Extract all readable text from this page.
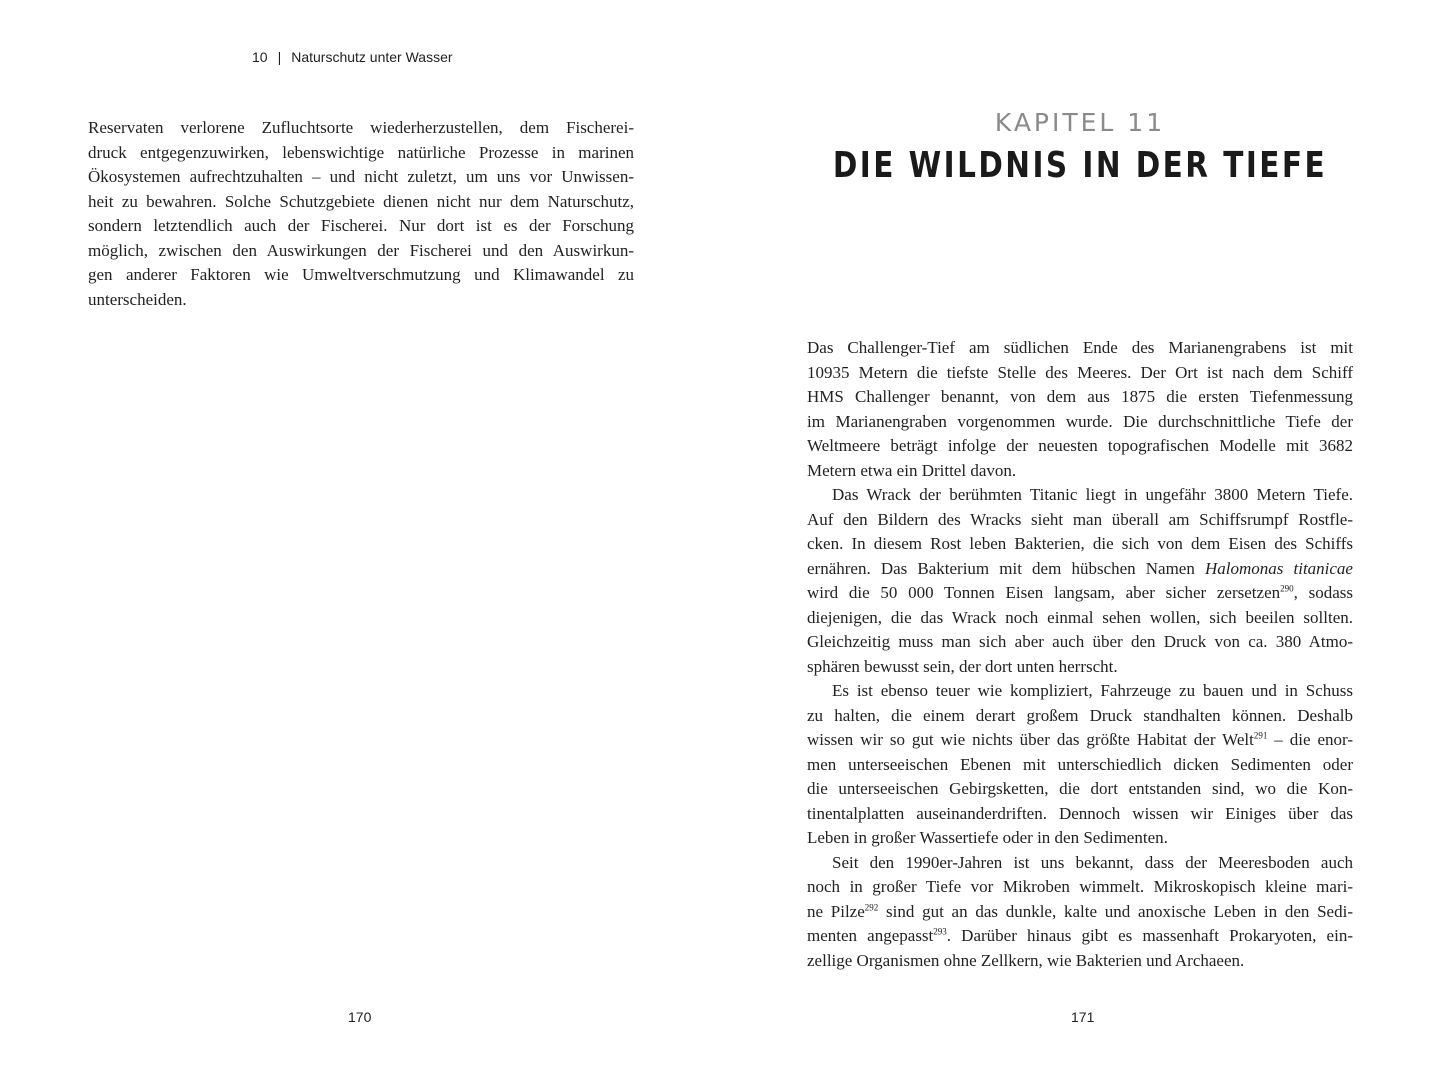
10 | Naturschutz unter Wasser

Reservaten verlorene Zufluchtsorte wiederherzustellen, dem Fischerei-

druck entgegenzuwirken, lebenswichtige natürliche Prozesse in marinen

Ökosystemen aufrechtzuhalten – und nicht zuletzt, um uns vor Unwissen-

heit zu bewahren. Solche Schutzgebiete dienen nicht nur dem Naturschutz,

sondern letztendlich auch der Fischerei. Nur dort ist es der Forschung

möglich, zwischen den Auswirkungen der Fischerei und den Auswirkun-

gen anderer Faktoren wie Umweltverschmutzung und Klimawandel zu

unterscheiden.

170
KAPITEL 11
DIE WILDNIS IN DER TIEFE

Das Challenger-Tief am südlichen Ende des Marianengrabens ist mit

10935 Metern die tiefste Stelle des Meeres. Der Ort ist nach dem Schiff

HMS Challenger benannt, von dem aus 1875 die ersten Tiefenmessung

im Marianengraben vorgenommen wurde. Die durchschnittliche Tiefe der

Weltmeere beträgt infolge der neuesten topografischen Modelle mit 3682

Metern etwa ein Drittel davon.

Das Wrack der berühmten Titanic liegt in ungefähr 3800 Metern Tiefe.

Auf den Bildern des Wracks sieht man überall am Schiffsrumpf Rostfle-

cken. In diesem Rost leben Bakterien, die sich von dem Eisen des Schiffs

ernähren. Das Bakterium mit dem hübschen Namen Halomonas titanicae

wird die 50 000 Tonnen Eisen langsam, aber sicher zersetzen$^{290}$, sodass

diejenigen, die das Wrack noch einmal sehen wollen, sich beeilen sollten.

Gleichzeitig muss man sich aber auch über den Druck von ca. 380 Atmo-

sphären bewusst sein, der dort unten herrscht.

Es ist ebenso teuer wie kompliziert, Fahrzeuge zu bauen und in Schuss

zu halten, die einem derart großem Druck standhalten können. Deshalb

wissen wir so gut wie nichts über das größte Habitat der Welt$^{291}$ – die enor-

men unterseeischen Ebenen mit unterschiedlich dicken Sedimenten oder

die unterseeischen Gebirgsketten, die dort entstanden sind, wo die Kon-

tinentalplatten auseinanderdriften. Dennoch wissen wir Einiges über das

Leben in großer Wassertiefe oder in den Sedimenten.

Seit den 1990er-Jahren ist uns bekannt, dass der Meeresboden auch

noch in großer Tiefe vor Mikroben wimmelt. Mikroskopisch kleine mari-

ne Pilze$^{292}$ sind gut an das dunkle, kalte und anoxische Leben in den Sedi-

menten angepasst$^{293}$. Darüber hinaus gibt es massenhaft Prokaryoten, ein-

zellige Organismen ohne Zellkern, wie Bakterien und Archaeen.

171
